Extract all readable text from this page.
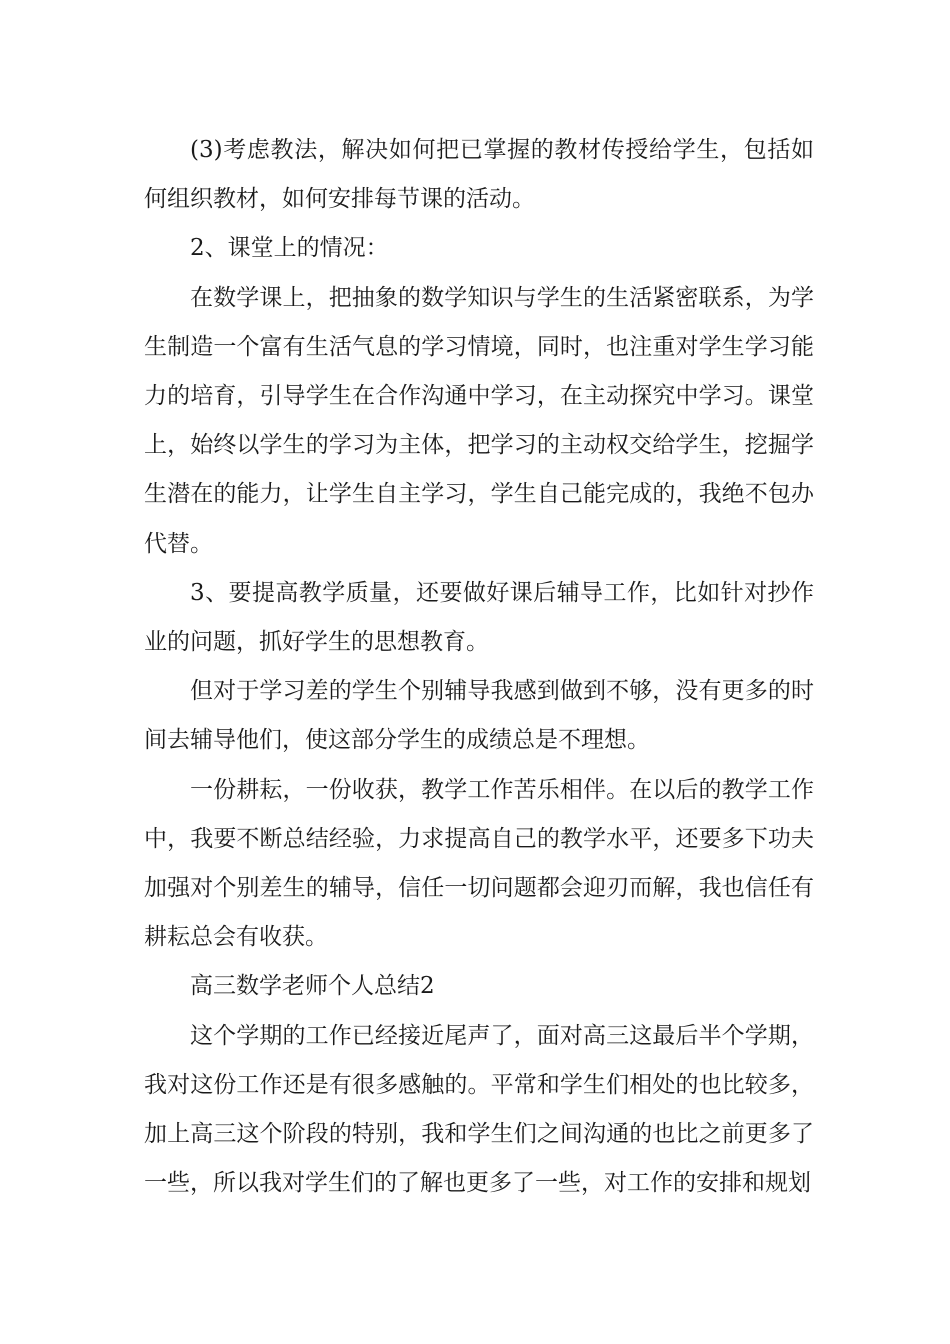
(3)考虑教法，解决如何把已掌握的教材传授给学生，包括如何组织教材，如何安排每节课的活动。

2、课堂上的情况：

在数学课上，把抽象的数学知识与学生的生活紧密联系，为学生制造一个富有生活气息的学习情境，同时，也注重对学生学习能力的培育，引导学生在合作沟通中学习，在主动探究中学习。课堂上，始终以学生的学习为主体，把学习的主动权交给学生，挖掘学生潜在的能力，让学生自主学习，学生自己能完成的，我绝不包办代替。

3、要提高教学质量，还要做好课后辅导工作，比如针对抄作业的问题，抓好学生的思想教育。

但对于学习差的学生个别辅导我感到做到不够，没有更多的时间去辅导他们，使这部分学生的成绩总是不理想。

一份耕耘，一份收获，教学工作苦乐相伴。在以后的教学工作中，我要不断总结经验，力求提高自己的教学水平，还要多下功夫加强对个别差生的辅导，信任一切问题都会迎刃而解，我也信任有耕耘总会有收获。

高三数学老师个人总结2

这个学期的工作已经接近尾声了，面对高三这最后半个学期，我对这份工作还是有很多感触的。平常和学生们相处的也比较多，加上高三这个阶段的特别，我和学生们之间沟通的也比之前更多了一些，所以我对学生们的了解也更多了一些，对工作的安排和规划
